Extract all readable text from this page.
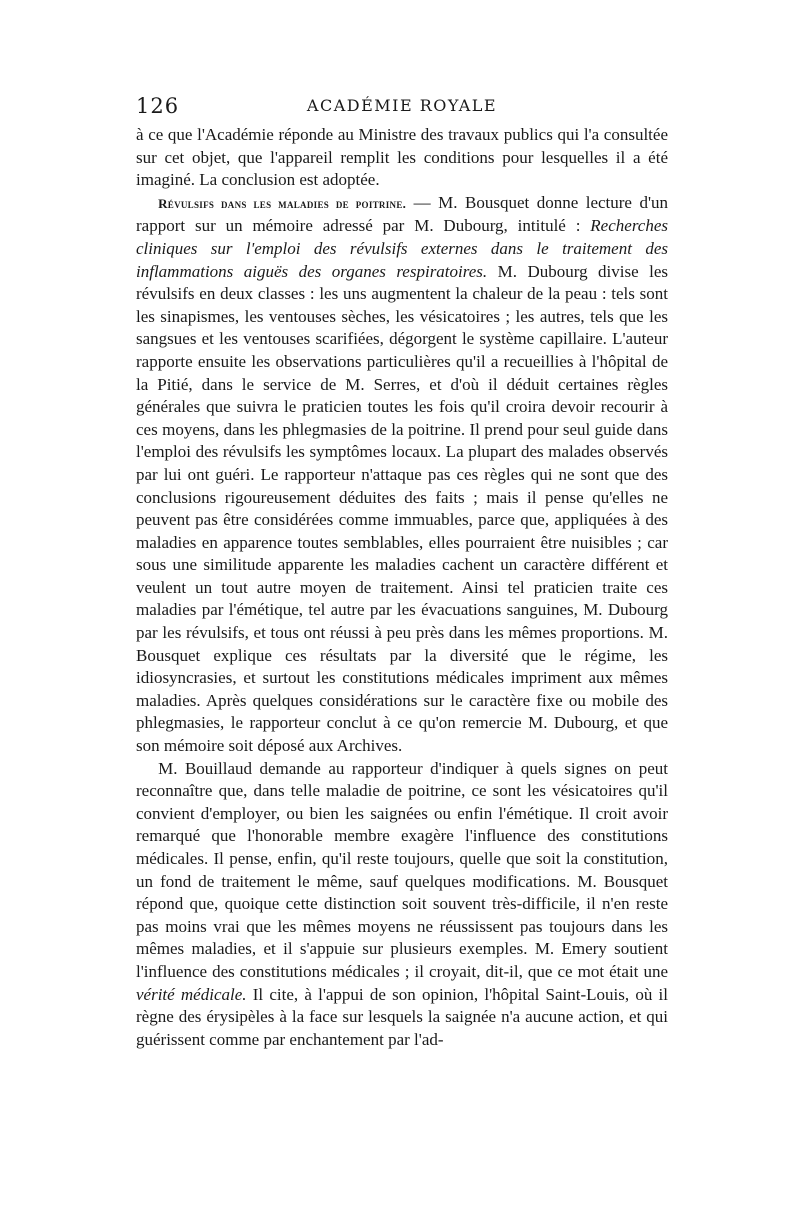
126	ACADÉMIE ROYALE

à ce que l'Académie réponde au Ministre des travaux publics qui l'a consultée sur cet objet, que l'appareil remplit les conditions pour lesquelles il a été imaginé. La conclusion est adoptée.

Révulsifs dans les maladies de poitrine. — M. Bousquet donne lecture d'un rapport sur un mémoire adressé par M. Dubourg, intitulé : Recherches cliniques sur l'emploi des révulsifs externes dans le traitement des inflammations aiguës des organes respiratoires. M. Dubourg divise les révulsifs en deux classes : les uns augmentent la chaleur de la peau : tels sont les sinapismes, les ventouses sèches, les vésicatoires ; les autres, tels que les sangsues et les ventouses scarifiées, dégorgent le système capillaire. L'auteur rapporte ensuite les observations particulières qu'il a recueillies à l'hôpital de la Pitié, dans le service de M. Serres, et d'où il déduit certaines règles générales que suivra le praticien toutes les fois qu'il croira devoir recourir à ces moyens, dans les phlegmasies de la poitrine. Il prend pour seul guide dans l'emploi des révulsifs les symptômes locaux. La plupart des malades observés par lui ont guéri. Le rapporteur n'attaque pas ces règles qui ne sont que des conclusions rigoureusement déduites des faits ; mais il pense qu'elles ne peuvent pas être considérées comme immuables, parce que, appliquées à des maladies en apparence toutes semblables, elles pourraient être nuisibles ; car sous une similitude apparente les maladies cachent un caractère différent et veulent un tout autre moyen de traitement. Ainsi tel praticien traite ces maladies par l'émétique, tel autre par les évacuations sanguines, M. Dubourg par les révulsifs, et tous ont réussi à peu près dans les mêmes proportions. M. Bousquet explique ces résultats par la diversité que le régime, les idiosyncrasies, et surtout les constitutions médicales impriment aux mêmes maladies. Après quelques considérations sur le caractère fixe ou mobile des phlegmasies, le rapporteur conclut à ce qu'on remercie M. Dubourg, et que son mémoire soit déposé aux Archives.

M. Bouillaud demande au rapporteur d'indiquer à quels signes on peut reconnaître que, dans telle maladie de poitrine, ce sont les vésicatoires qu'il convient d'employer, ou bien les saignées ou enfin l'émétique. Il croit avoir remarqué que l'honorable membre exagère l'influence des constitutions médicales. Il pense, enfin, qu'il reste toujours, quelle que soit la constitution, un fond de traitement le même, sauf quelques modifications. M. Bousquet répond que, quoique cette distinction soit souvent très-difficile, il n'en reste pas moins vrai que les mêmes moyens ne réussissent pas toujours dans les mêmes maladies, et il s'appuie sur plusieurs exemples. M. Emery soutient l'influence des constitutions médicales ; il croyait, dit-il, que ce mot était une vérité médicale. Il cite, à l'appui de son opinion, l'hôpital Saint-Louis, où il règne des érysipèles à la face sur lesquels la saignée n'a aucune action, et qui guérissent comme par enchantement par l'ad-
